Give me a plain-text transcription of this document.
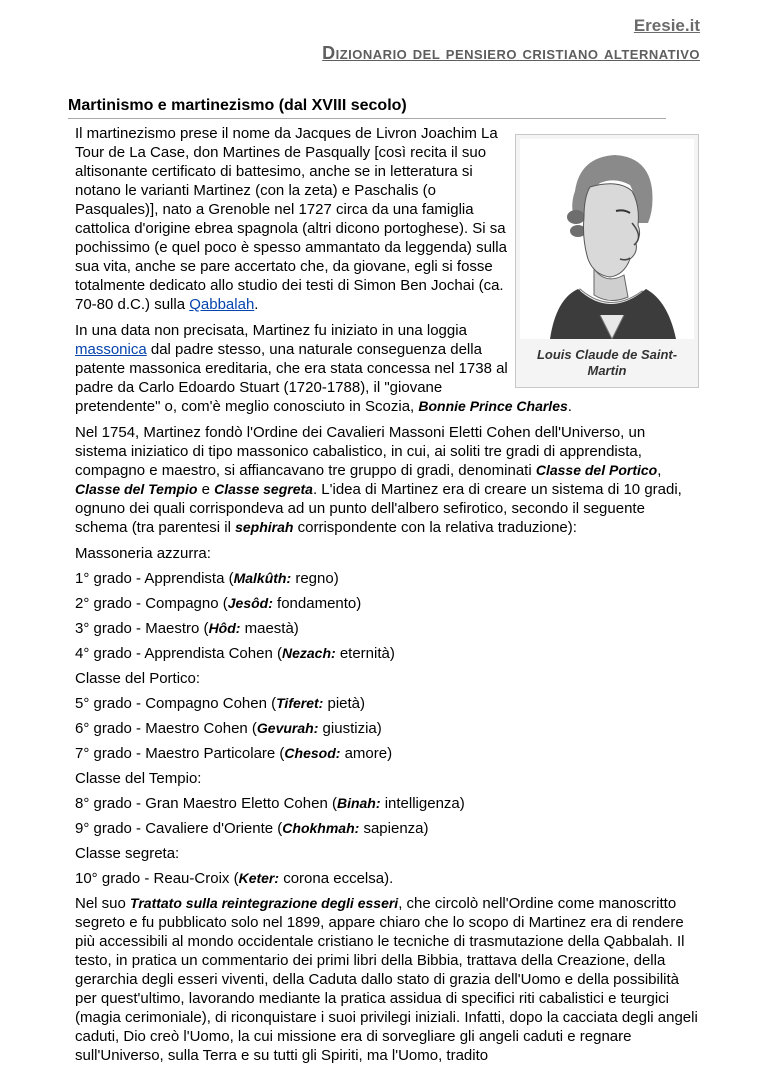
Eresie.it
Dizionario del pensiero cristiano alternativo
Martinismo e martinezismo (dal XVIII secolo)
Louis Claude de Saint-Martin

Il martinezismo prese il nome da Jacques de Livron Joachim La Tour de La Case, don Martines de Pasqually [così recita il suo altisonante certificato di battesimo, anche se in letteratura si notano le varianti Martinez (con la zeta) e Paschalis (o Pasquales)], nato a Grenoble nel 1727 circa da una famiglia cattolica d'origine ebrea spagnola (altri dicono portoghese). Si sa pochissimo (e quel poco è spesso ammantato da leggenda) sulla sua vita, anche se pare accertato che, da giovane, egli si fosse totalmente dedicato allo studio dei testi di Simon Ben Jochai (ca. 70-80 d.C.) sulla Qabbalah.

In una data non precisata, Martinez fu iniziato in una loggia massonica dal padre stesso, una naturale conseguenza della patente massonica ereditaria, che era stata concessa nel 1738 al padre da Carlo Edoardo Stuart (1720-1788), il "giovane pretendente" o, com'è meglio conosciuto in Scozia, Bonnie Prince Charles.

Nel 1754, Martinez fondò l'Ordine dei Cavalieri Massoni Eletti Cohen dell'Universo, un sistema iniziatico di tipo massonico cabalistico, in cui, ai soliti tre gradi di apprendista, compagno e maestro, si affiancavano tre gruppo di gradi, denominati Classe del Portico, Classe del Tempio e Classe segreta. L'idea di Martinez era di creare un sistema di 10 gradi, ognuno dei quali corrispondeva ad un punto dell'albero sefirotico, secondo il seguente schema (tra parentesi il sephirah corrispondente con la relativa traduzione):

Massoneria azzurra:
1° grado - Apprendista (Malkûth: regno)
2° grado - Compagno (Jesôd: fondamento)
3° grado - Maestro (Hôd: maestà)
4° grado - Apprendista Cohen (Nezach: eternità)
Classe del Portico:
5° grado - Compagno Cohen (Tiferet: pietà)
6° grado - Maestro Cohen (Gevurah: giustizia)
7° grado - Maestro Particolare (Chesod: amore)
Classe del Tempio:
8° grado - Gran Maestro Eletto Cohen (Binah: intelligenza)
9° grado - Cavaliere d'Oriente (Chokhmah: sapienza)
Classe segreta:
10° grado - Reau-Croix (Keter: corona eccelsa).

Nel suo Trattato sulla reintegrazione degli esseri, che circolò nell'Ordine come manoscritto segreto e fu pubblicato solo nel 1899, appare chiaro che lo scopo di Martinez era di rendere più accessibili al mondo occidentale cristiano le tecniche di trasmutazione della Qabbalah. Il testo, in pratica un commentario dei primi libri della Bibbia, trattava della Creazione, della gerarchia degli esseri viventi, della Caduta dallo stato di grazia dell'Uomo e della possibilità per quest'ultimo, lavorando mediante la pratica assidua di specifici riti cabalistici e teurgici (magia cerimoniale), di riconquistare i suoi privilegi iniziali. Infatti, dopo la cacciata degli angeli caduti, Dio creò l'Uomo, la cui missione era di sorvegliare gli angeli caduti e regnare sull'Universo, sulla Terra e su tutti gli Spiriti, ma l'Uomo, tradito
